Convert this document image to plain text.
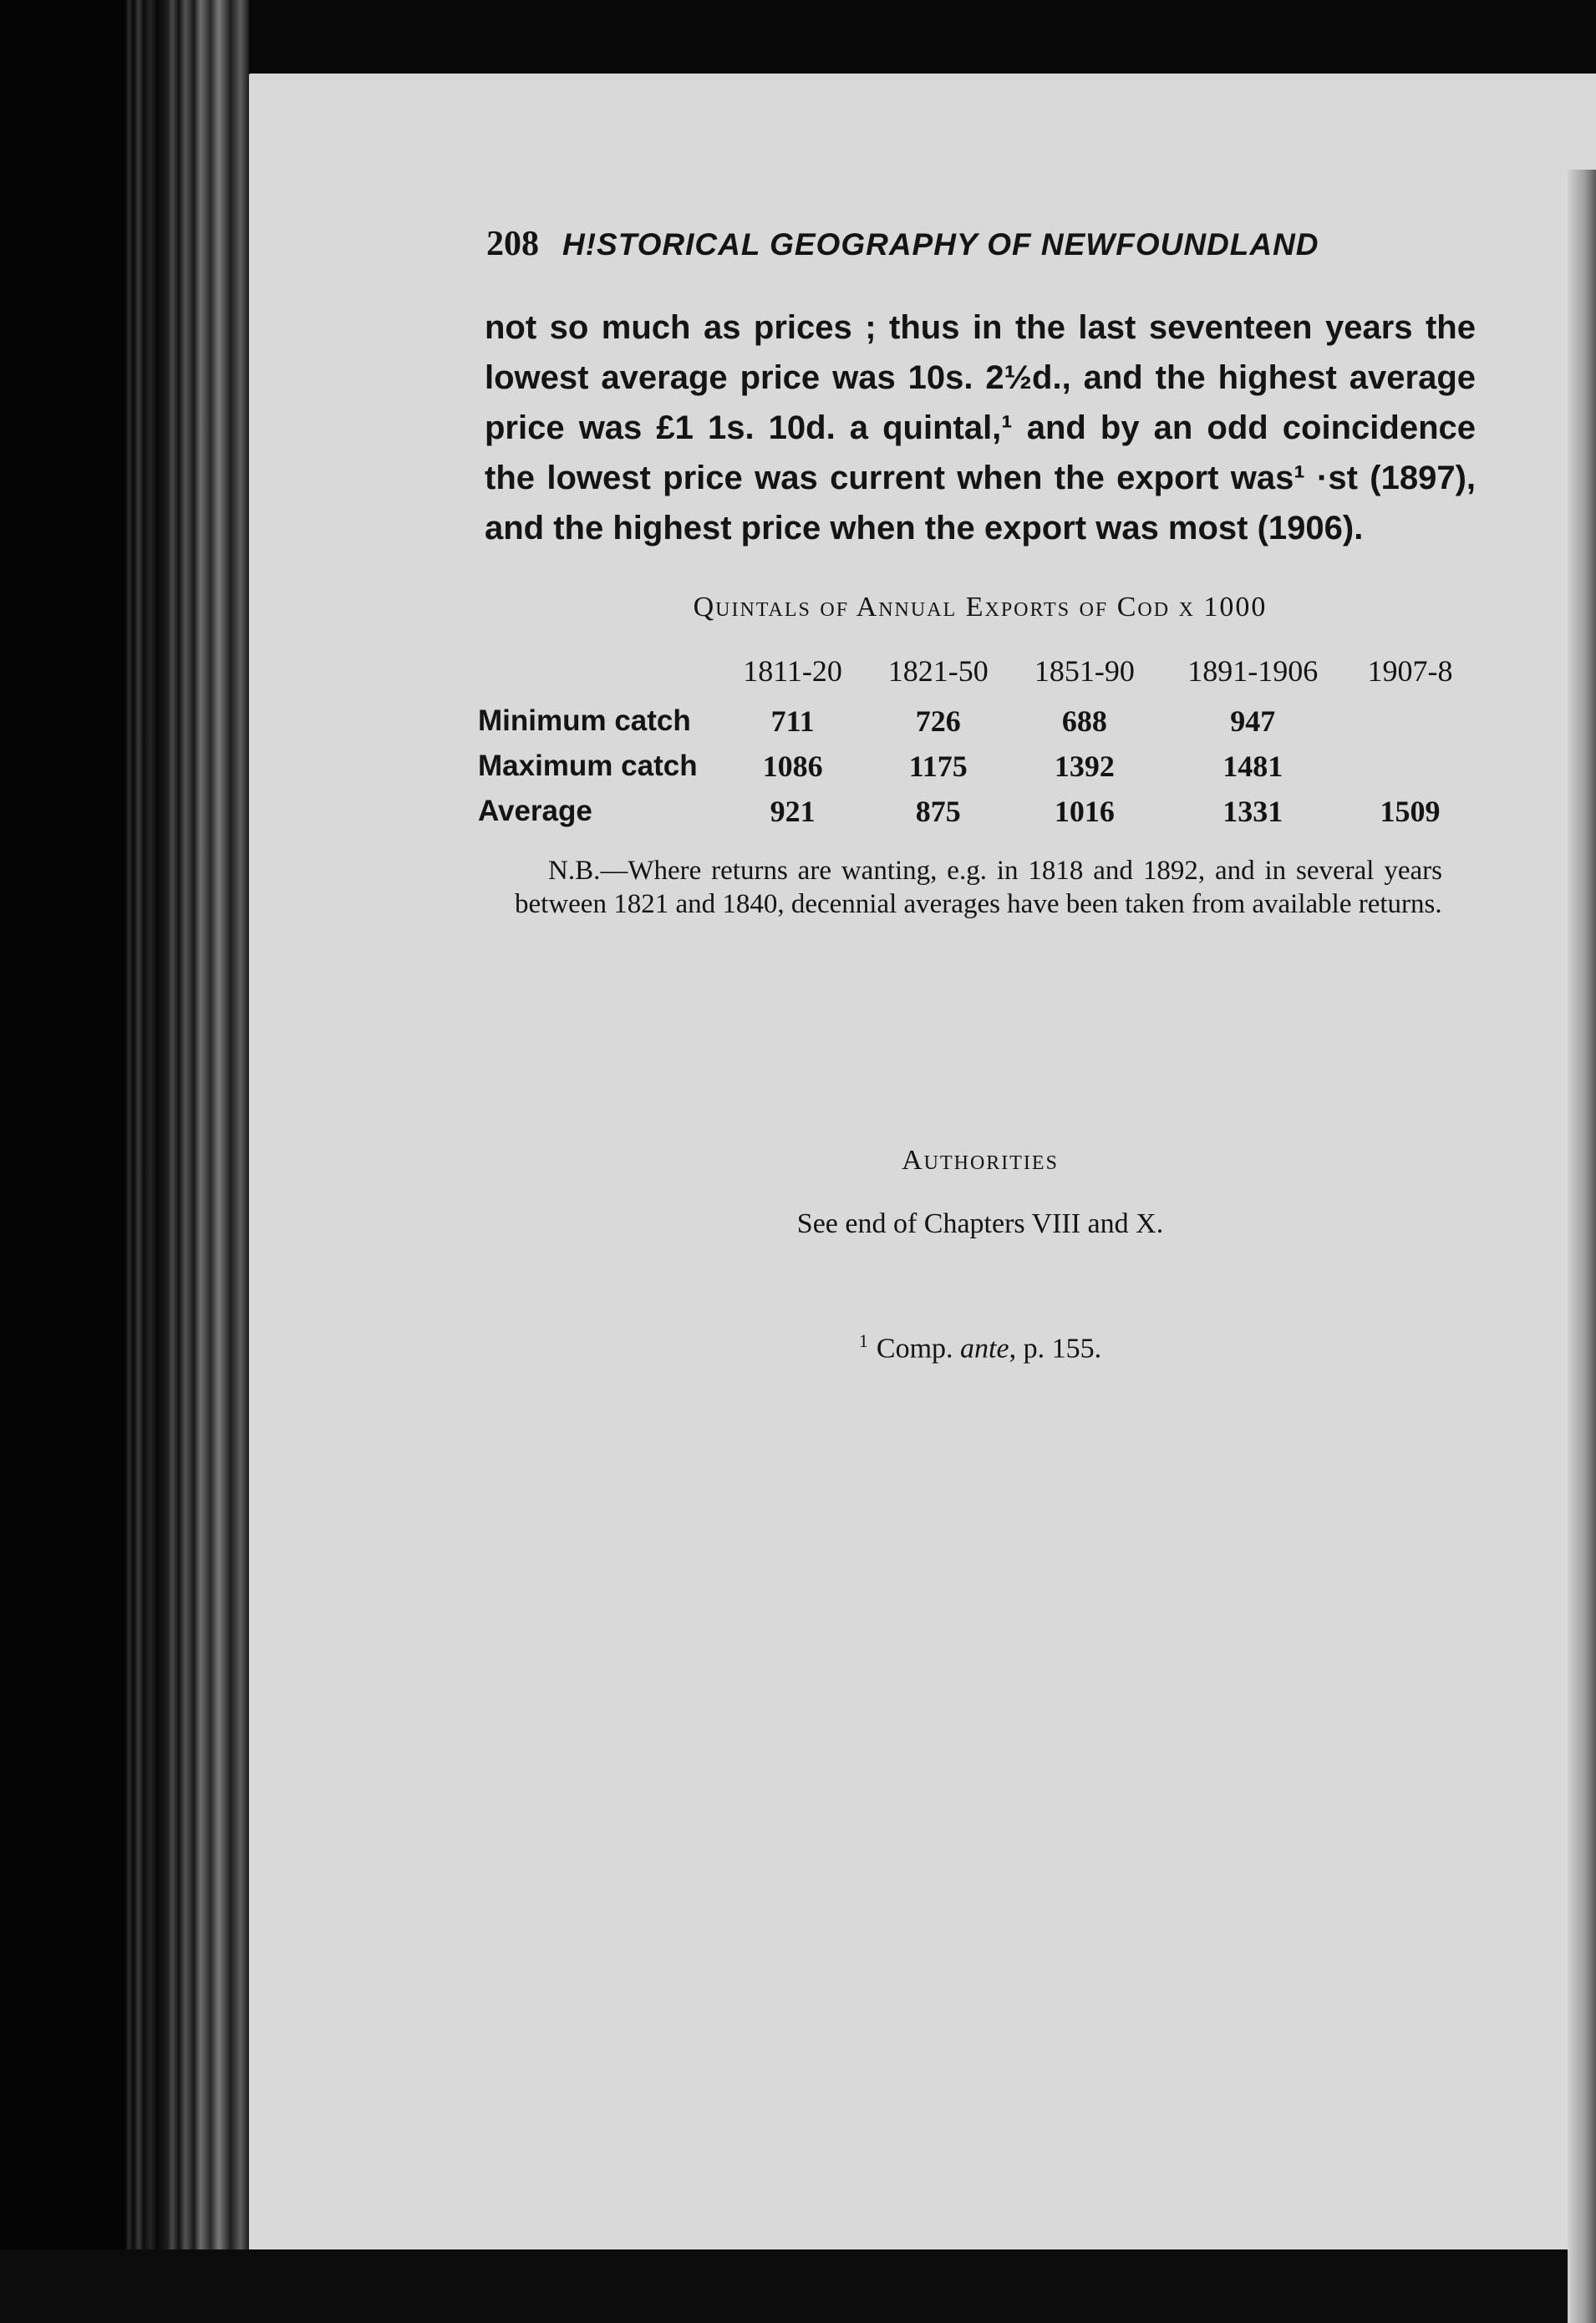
208 H!STORICAL GEOGRAPHY OF NEWFOUNDLAND

not so much as prices ; thus in the last seventeen years the

lowest average price was 10s. 2½d., and the highest average

price was £1 1s. 10d. a quintal,¹ and by an odd coincidence

the lowest price was current when the export was¹ ·st (1897),

and the highest price when the export was most (1906).

Quintals of Annual Exports of Cod x 1000
	1811-20	1821-50	1851-90	1891-1906	1907-8
Minimum catch	711	726	688	947	
Maximum catch	1086	1175	1392	1481	
Average	921	875	1016	1331	1509
N.B.—Where returns are wanting, e.g. in 1818 and 1892, and in several years between 1821 and 1840, decennial averages have been taken from available returns.
Authorities
See end of Chapters VIII and X.
$^1$ Comp. ante, p. 155.
